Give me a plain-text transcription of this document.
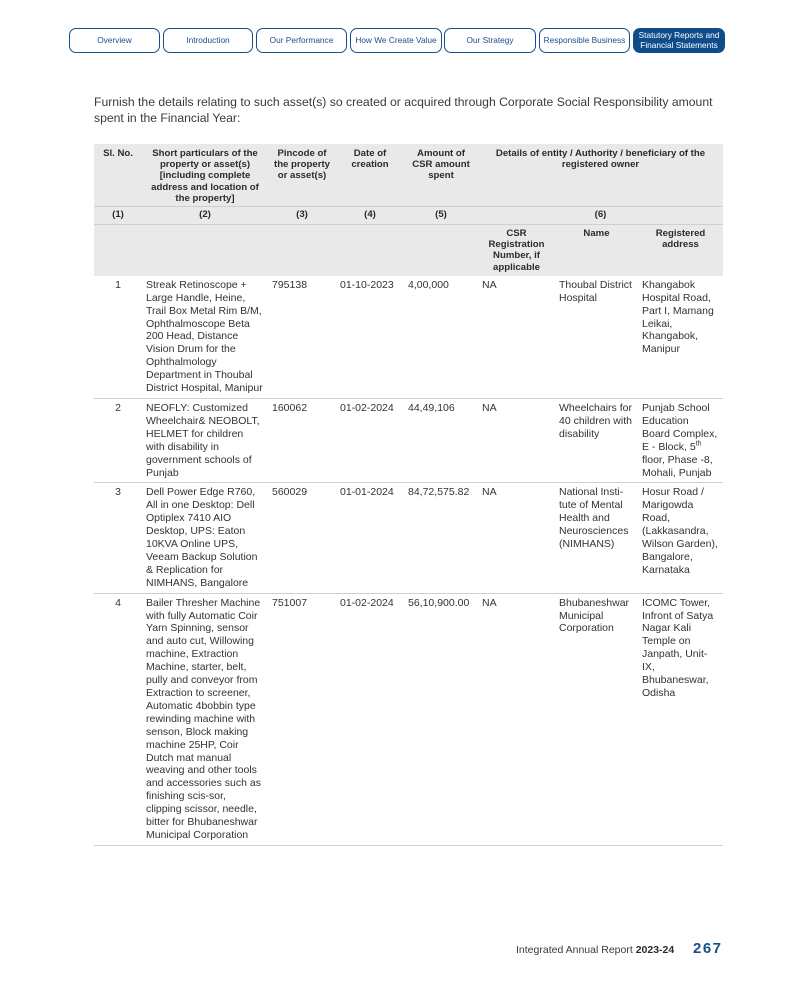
Overview	Introduction	Our Performance	How We Create Value	Our Strategy	Responsible Business	Statutory Reports and
Financial Statements

Furnish the details relating to such asset(s) so created or acquired through Corporate Social Responsibility amount spent in the Financial Year:

Sl. No.	Short particulars of the property or asset(s) [including complete address and location of the property]	Pincode of the property or asset(s)	Date of creation	Amount of CSR amount spent	Details of entity / Authority / beneficiary of the registered owner		
(1)	(2)	(3)	(4)	(5)	(6)		
					CSR Registration Number, if applicable	Name	Registered address
1	Streak Retinoscope + Large Handle, Heine, Trail Box Metal Rim B/M, Ophthalmoscope Beta 200 Head, Distance Vision Drum for the Ophthalmology Department in Thoubal District Hospital, Manipur	795138	01-10-2023	4,00,000	NA	Thoubal District Hospital	Khangabok Hospital Road, Part I, Mamang Leikai, Khangabok, Manipur
2	NEOFLY: Customized Wheelchair& NEOBOLT, HELMET for children with disability in government schools of Punjab	160062	01-02-2024	44,49,106	NA	Wheelchairs for 40 children with disability	Punjab School Education Board Complex, E - Block, 5th floor, Phase -8, Mohali, Punjab
3	Dell Power Edge R760, All in one Desktop: Dell Optiplex 7410 AIO Desktop, UPS: Eaton 10KVA Online UPS, Veeam Backup Solution & Replication for NIMHANS, Bangalore	560029	01-01-2024	84,72,575.82	NA	National Insti-tute of Mental Health and Neurosciences (NIMHANS)	Hosur Road / Marigowda Road, (Lakkasandra, Wilson Garden), Bangalore, Karnataka
4	Bailer Thresher Machine with fully Automatic Coir Yarn Spinning, sensor and auto cut, Willowing machine, Extraction Machine, starter, belt, pully and conveyor from Extraction to screener, Automatic 4bobbin type rewinding machine with senson, Block making machine 25HP, Coir Dutch mat manual weaving and other tools and accessories such as finishing scis-sor, clipping scissor, needle, bitter for Bhubaneshwar Municipal Corporation	751007	01-02-2024	56,10,900.00	NA	Bhubaneshwar Municipal Corporation	ICOMC Tower, Infront of Satya Nagar Kali Temple on Janpath, Unit-IX, Bhubaneswar, Odisha
Integrated Annual Report 2023-24 267
